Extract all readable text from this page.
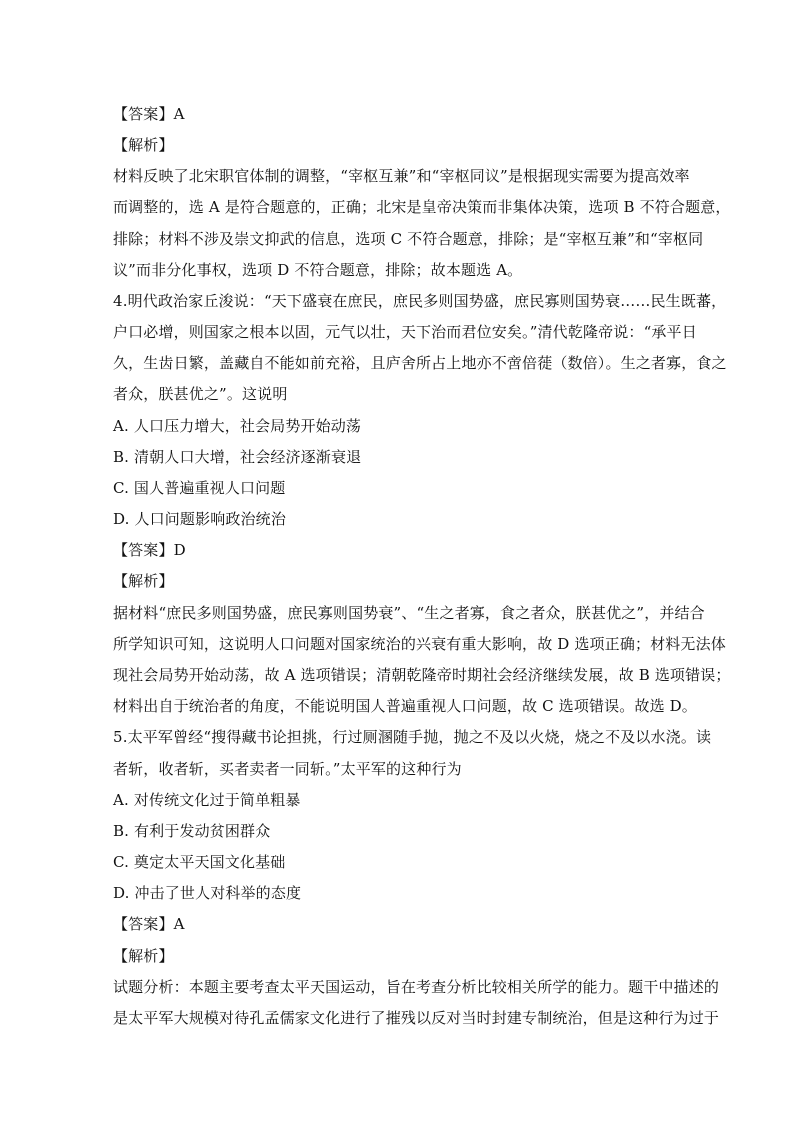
【答案】A
【解析】
材料反映了北宋职官体制的调整，“宰枢互兼”和“宰枢同议”是根据现实需要为提高效率
而调整的，选 A 是符合题意的，正确；北宋是皇帝决策而非集体决策，选项 B 不符合题意，
排除；材料不涉及崇文抑武的信息，选项 C 不符合题意，排除；是“宰枢互兼”和“宰枢同
议”而非分化事权，选项 D 不符合题意，排除；故本题选 A。
4.明代政治家丘浚说：“天下盛衰在庶民，庶民多则国势盛，庶民寡则国势衰……民生既蕃，
户口必增，则国家之根本以固，元气以壮，天下治而君位安矣。”清代乾隆帝说：“承平日
久，生齿日繁，盖藏自不能如前充裕，且庐舍所占上地亦不啻倍蓰（数倍）。生之者寡，食之
者众，朕甚优之”。这说明
A. 人口压力增大，社会局势开始动荡
B. 清朝人口大增，社会经济逐渐衰退
C. 国人普遍重视人口问题
D. 人口问题影响政治统治
【答案】D
【解析】
据材料“庶民多则国势盛，庶民寡则国势衰”、“生之者寡，食之者众，朕甚优之”，并结合
所学知识可知，这说明人口问题对国家统治的兴衰有重大影响，故 D 选项正确；材料无法体
现社会局势开始动荡，故 A 选项错误；清朝乾隆帝时期社会经济继续发展，故 B 选项错误；
材料出自于统治者的角度，不能说明国人普遍重视人口问题，故 C 选项错误。故选 D。
5.太平军曾经“搜得藏书论担挑，行过厕溷随手抛，抛之不及以火烧，烧之不及以水浇。读
者斩，收者斩，买者卖者一同斩。”太平军的这种行为
A. 对传统文化过于简单粗暴
B. 有利于发动贫困群众
C. 奠定太平天国文化基础
D. 冲击了世人对科举的态度
【答案】A
【解析】
试题分析：本题主要考查太平天国运动，旨在考查分析比较相关所学的能力。题干中描述的
是太平军大规模对待孔孟儒家文化进行了摧残以反对当时封建专制统治，但是这种行为过于
